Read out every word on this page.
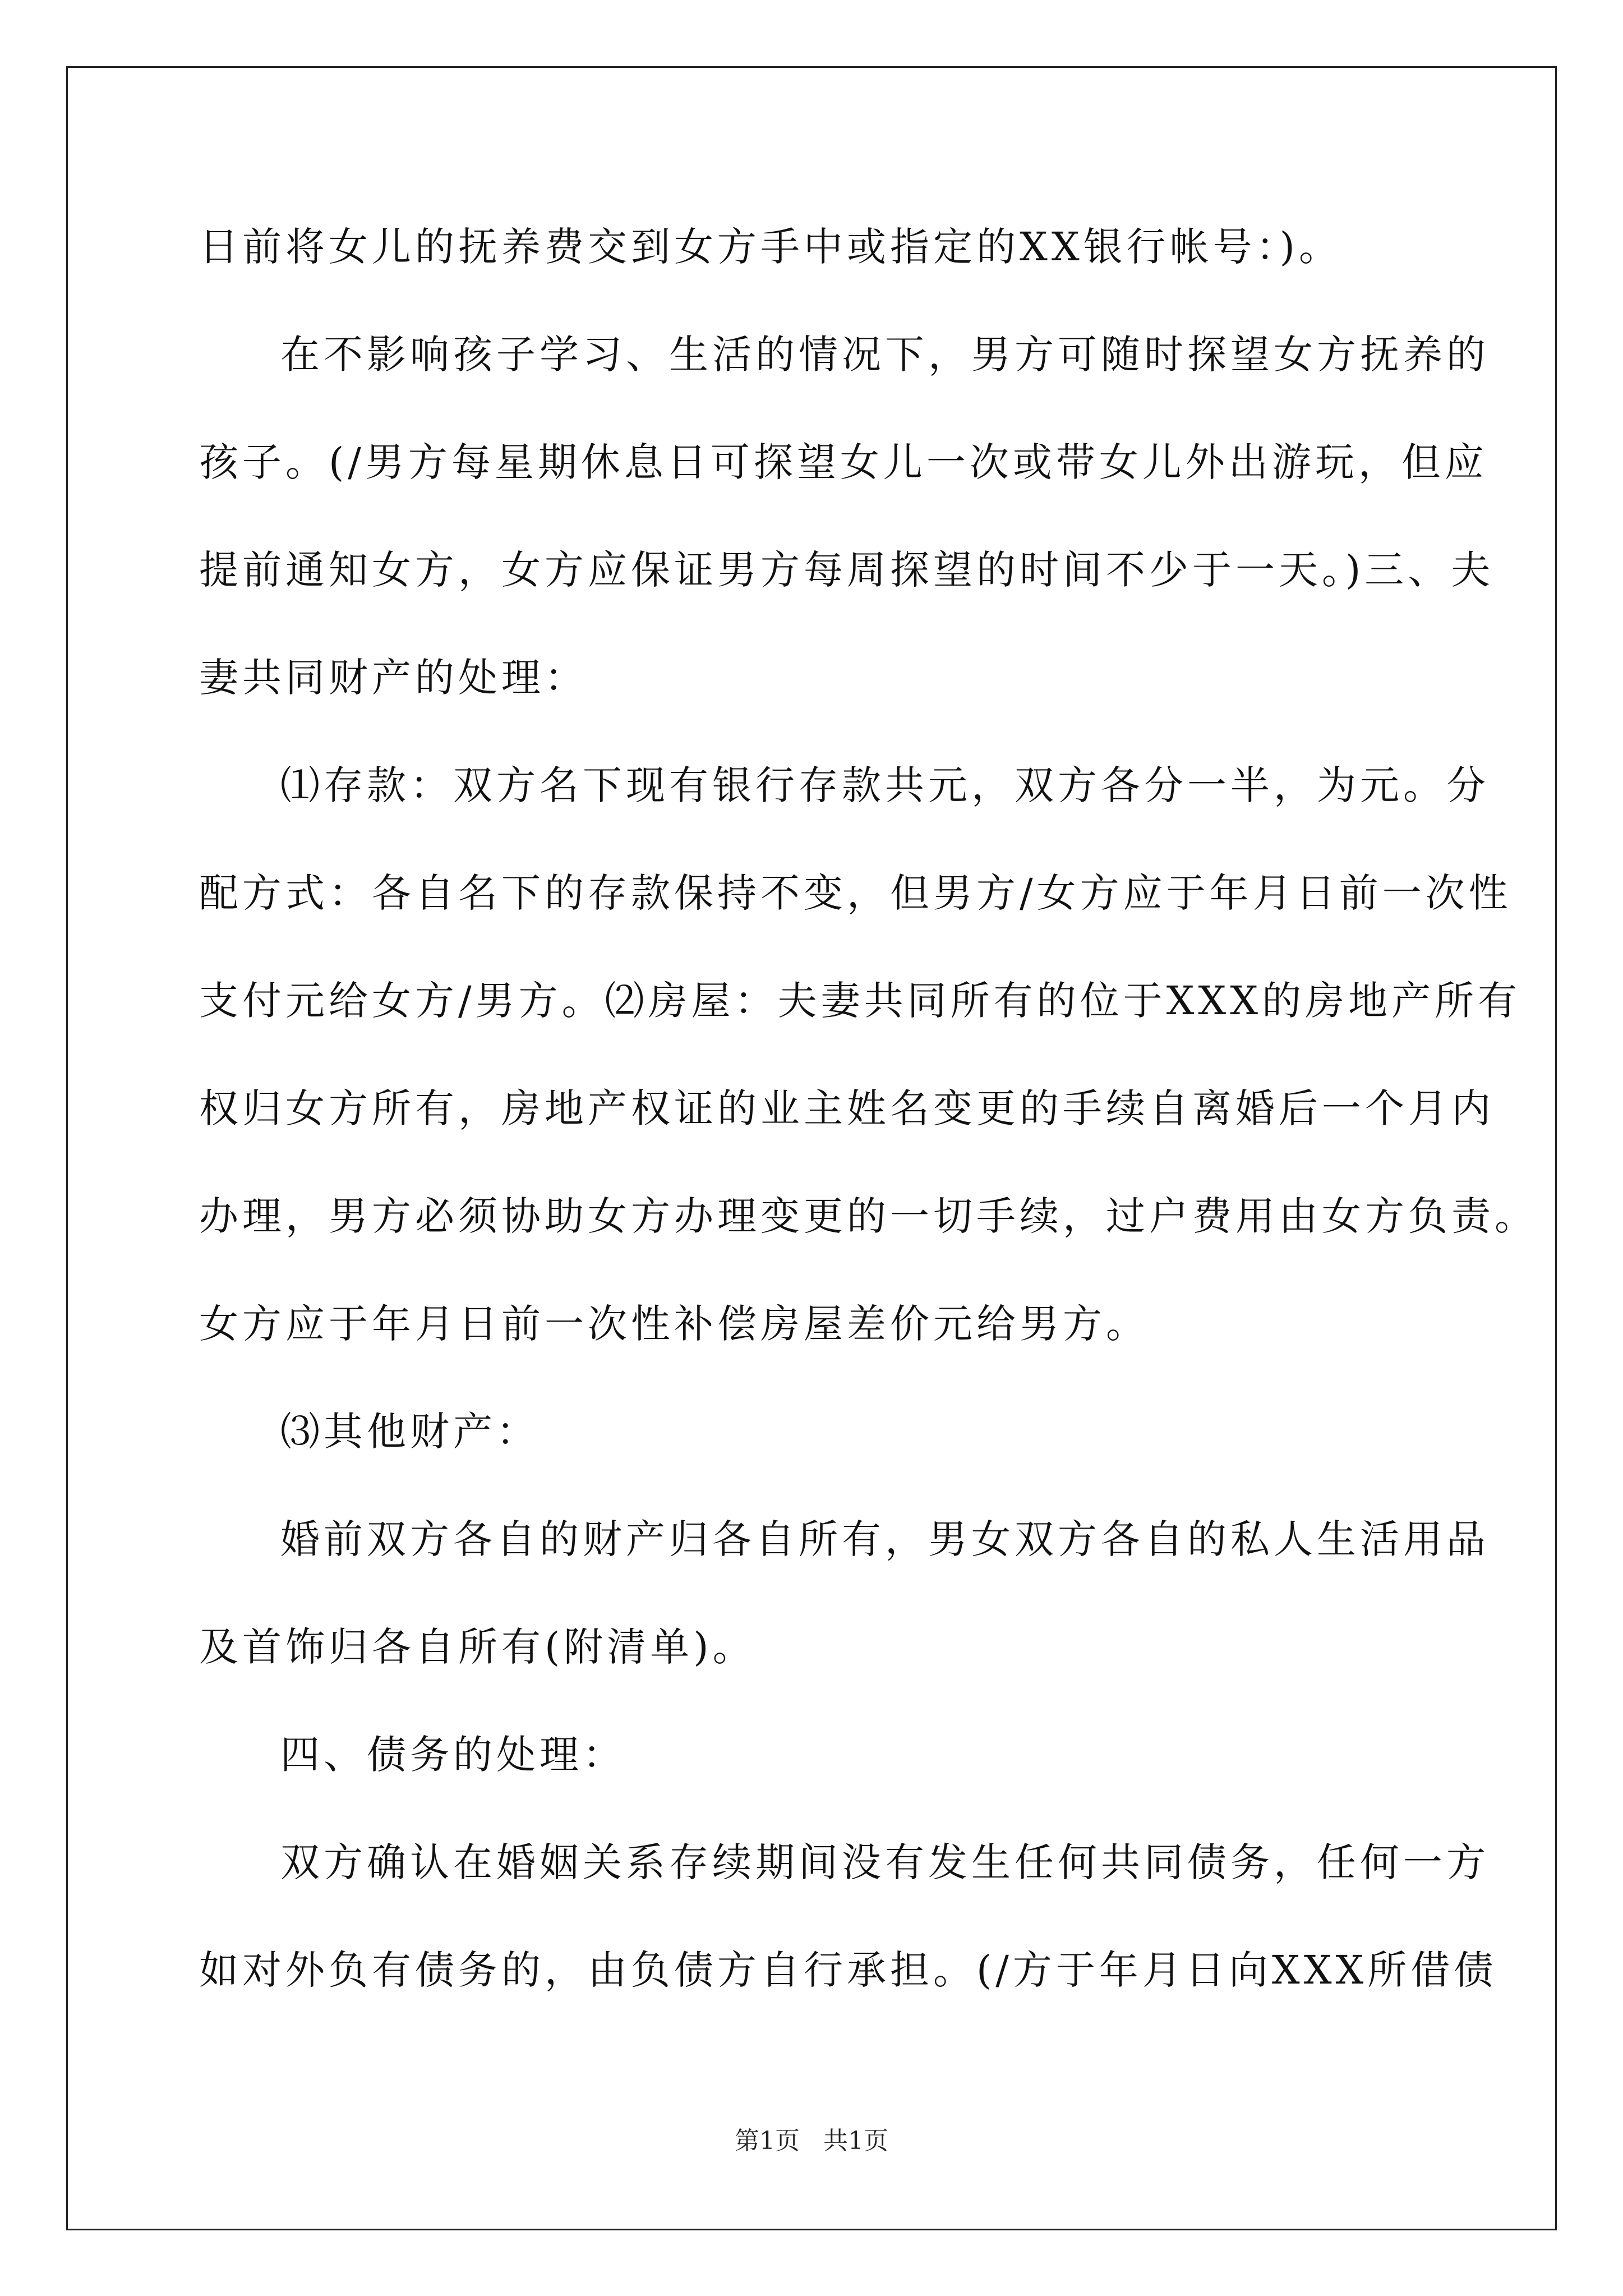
日前将女儿的抚养费交到女方手中或指定的XX银行帐号：)。
在不影响孩子学习、生活的情况下，男方可随时探望女方抚养的
孩子。(/男方每星期休息日可探望女儿一次或带女儿外出游玩，但应
提前通知女方，女方应保证男方每周探望的时间不少于一天。)三、夫
妻共同财产的处理：
⑴存款：双方名下现有银行存款共元，双方各分一半，为元。分
配方式：各自名下的存款保持不变，但男方/女方应于年月日前一次性
支付元给女方/男方。⑵房屋：夫妻共同所有的位于XXX的房地产所有
权归女方所有，房地产权证的业主姓名变更的手续自离婚后一个月内
办理，男方必须协助女方办理变更的一切手续，过户费用由女方负责。
女方应于年月日前一次性补偿房屋差价元给男方。
⑶其他财产：
婚前双方各自的财产归各自所有，男女双方各自的私人生活用品
及首饰归各自所有(附清单)。
四、债务的处理：
双方确认在婚姻关系存续期间没有发生任何共同债务，任何一方
如对外负有债务的，由负债方自行承担。(/方于年月日向XXX所借债
第1页   共1页
